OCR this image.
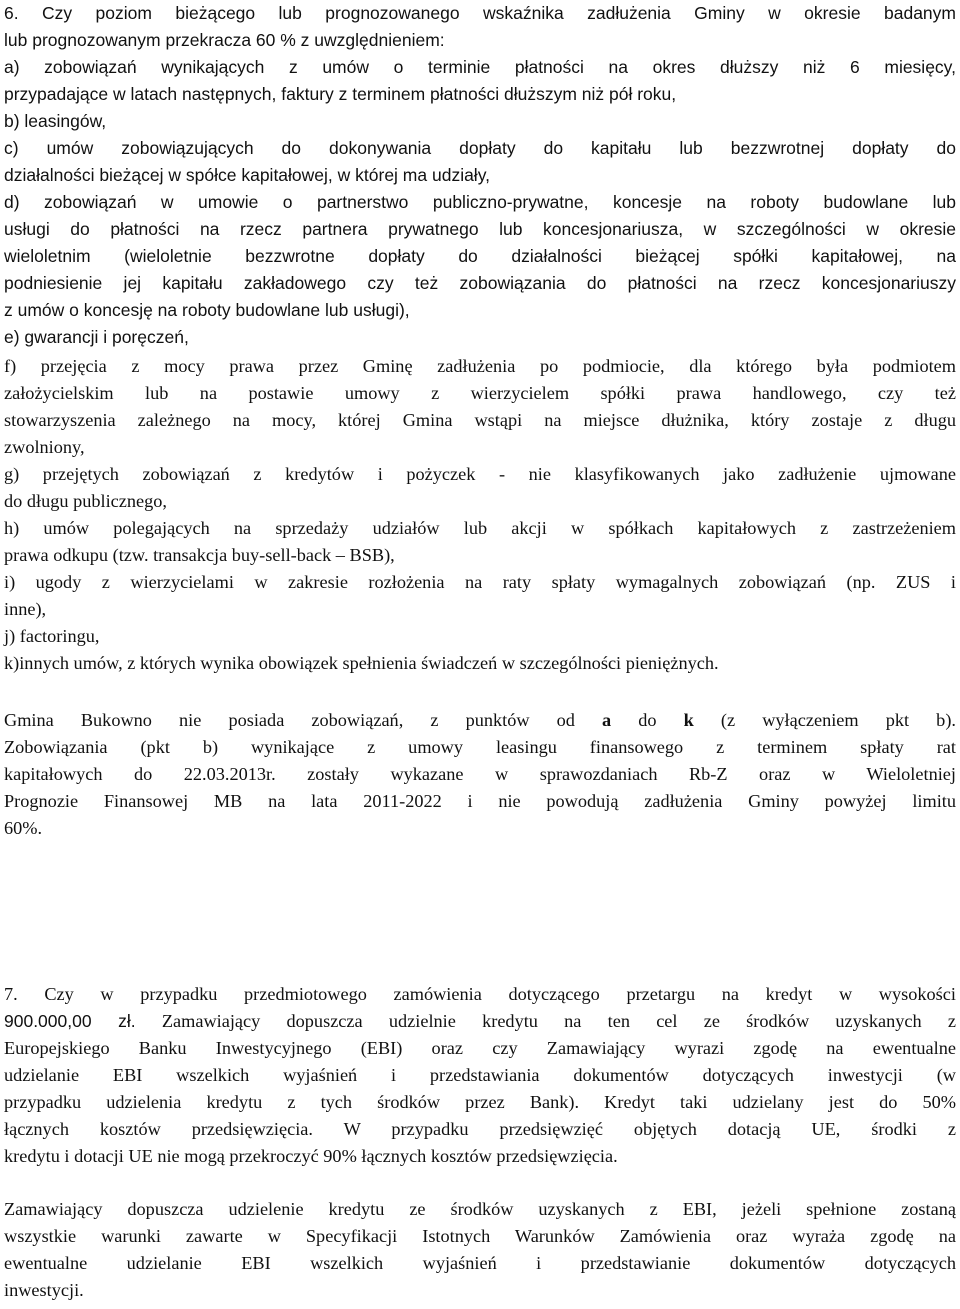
6. Czy poziom bieżącego lub prognozowanego wskaźnika zadłużenia Gminy w okresie badanym
lub prognozowanym przekracza 60 % z uwzględnieniem:
a) zobowiązań wynikających z umów o terminie płatności na okres dłuższy niż 6 miesięcy,
przypadające w latach następnych, faktury z terminem płatności dłuższym niż pół roku,
b) leasingów,
c) umów zobowiązujących do dokonywania dopłaty do kapitału lub bezzwrotnej dopłaty do
działalności bieżącej w spółce kapitałowej, w której ma udziały,
d) zobowiązań w umowie o partnerstwo publiczno-prywatne, koncesje na roboty budowlane lub
usługi do płatności na rzecz partnera prywatnego lub koncesjonariusza, w szczególności w okresie
wieloletnim (wieloletnie bezzwrotne dopłaty do działalności bieżącej spółki kapitałowej, na
podniesienie jej kapitału zakładowego czy też zobowiązania do płatności na rzecz koncesjonariuszy
z umów o koncesję na roboty budowlane lub usługi),
e) gwarancji i poręczeń,
f) przejęcia z mocy prawa przez Gminę zadłużenia po podmiocie, dla którego była podmiotem
założycielskim lub na postawie umowy z wierzycielem spółki prawa handlowego, czy też
stowarzyszenia zależnego na mocy, której Gmina wstąpi na miejsce dłużnika, który zostaje z długu
zwolniony,
g) przejętych zobowiązań z kredytów i pożyczek - nie klasyfikowanych jako zadłużenie ujmowane
do długu publicznego,
h) umów polegających na sprzedaży udziałów lub akcji w spółkach kapitałowych z zastrzeżeniem
prawa odkupu (tzw. transakcja buy-sell-back – BSB),
i) ugody z wierzycielami w zakresie rozłożenia na raty spłaty wymagalnych zobowiązań (np. ZUS i
inne),
j) factoringu,
k)innych umów, z których wynika obowiązek spełnienia świadczeń w szczególności pieniężnych.
Gmina Bukowno nie posiada zobowiązań, z punktów od a do k (z wyłączeniem pkt b).
Zobowiązania (pkt b) wynikające z umowy leasingu finansowego z terminem spłaty rat
kapitałowych do 22.03.2013r. zostały wykazane w sprawozdaniach Rb-Z oraz w Wieloletniej
Prognozie Finansowej MB na lata 2011-2022 i nie powodują zadłużenia Gminy powyżej limitu
60%.
7. Czy w przypadku przedmiotowego zamówienia dotyczącego przetargu na kredyt w wysokości
900.000,00 zł. Zamawiający dopuszcza udzielnie kredytu na ten cel ze środków uzyskanych z
Europejskiego Banku Inwestycyjnego (EBI) oraz czy Zamawiający wyrazi zgodę na ewentualne
udzielanie EBI wszelkich wyjaśnień i przedstawiania dokumentów dotyczących inwestycji (w
przypadku udzielenia kredytu z tych środków przez Bank). Kredyt taki udzielany jest do 50%
łącznych kosztów przedsięwzięcia. W przypadku przedsięwzięć objętych dotacją UE, środki z
kredytu i dotacji UE nie mogą przekroczyć 90% łącznych kosztów przedsięwzięcia.
Zamawiający dopuszcza udzielenie kredytu ze środków uzyskanych z EBI, jeżeli spełnione zostaną
wszystkie warunki zawarte w Specyfikacji Istotnych Warunków Zamówienia oraz wyraża zgodę na
ewentualne udzielanie EBI wszelkich wyjaśnień i przedstawianie dokumentów dotyczących
inwestycji.
